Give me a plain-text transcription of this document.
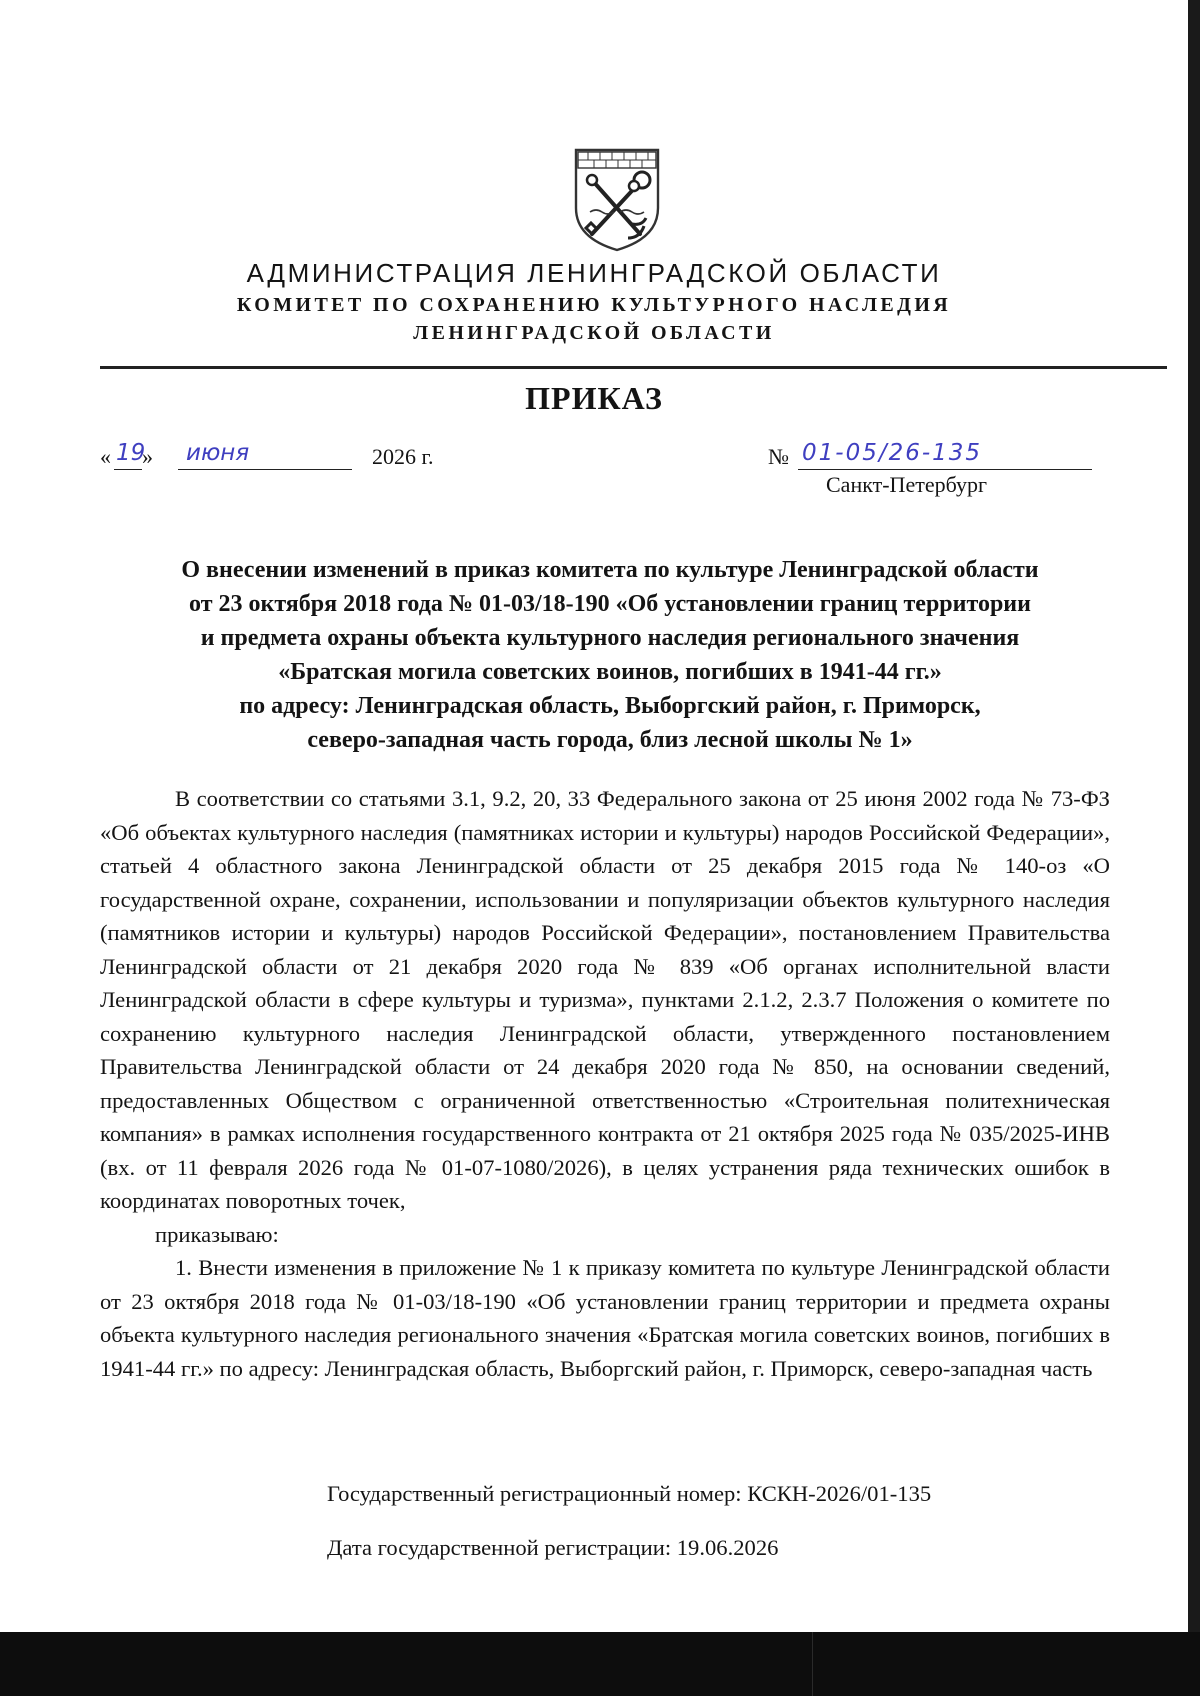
АДМИНИСТРАЦИЯ ЛЕНИНГРАДСКОЙ ОБЛАСТИ
КОМИТЕТ ПО СОХРАНЕНИЮ КУЛЬТУРНОГО НАСЛЕДИЯ
ЛЕНИНГРАДСКОЙ ОБЛАСТИ
ПРИКАЗ
« 19
» июня	2026 г.	№ 01-05/26-135
Санкт-Петербург
О внесении изменений в приказ комитета по культуре Ленинградской области
от 23 октября 2018 года № 01-03/18-190 «Об установлении границ территории
и предмета охраны объекта культурного наследия регионального значения
«Братская могила советских воинов, погибших в 1941-44 гг.»
по адресу: Ленинградская область, Выборгский район, г. Приморск,
северо-западная часть города, близ лесной школы № 1»

В соответствии со статьями 3.1, 9.2, 20, 33 Федерального закона от 25 июня 2002 года № 73-ФЗ «Об объектах культурного наследия (памятниках истории и культуры) народов Российской Федерации», статьей 4 областного закона Ленинградской области от 25 декабря 2015 года № 140-оз «О государственной охране, сохранении, использовании и популяризации объектов культурного наследия (памятников истории и культуры) народов Российской Федерации», постановлением Правительства Ленинградской области от 21 декабря 2020 года № 839 «Об органах исполнительной власти Ленинградской области в сфере культуры и туризма», пунктами 2.1.2, 2.3.7 Положения о комитете по сохранению культурного наследия Ленинградской области, утвержденного постановлением Правительства Ленинградской области от 24 декабря 2020 года № 850, на основании сведений, предоставленных Обществом с ограниченной ответственностью «Строительная политехническая компания» в рамках исполнения государственного контракта от 21 октября 2025 года № 035/2025-ИНВ (вх. от 11 февраля 2026 года № 01-07-1080/2026), в целях устранения ряда технических ошибок в координатах поворотных точек,

приказываю:

1. Внести изменения в приложение № 1 к приказу комитета по культуре Ленинградской области от 23 октября 2018 года № 01-03/18-190 «Об установлении границ территории и предмета охраны объекта культурного наследия регионального значения «Братская могила советских воинов, погибших в 1941-44 гг.» по адресу: Ленинградская область, Выборгский район, г. Приморск, северо-западная часть

Государственный регистрационный номер: КСКН-2026/01-135
Дата государственной регистрации: 19.06.2026
